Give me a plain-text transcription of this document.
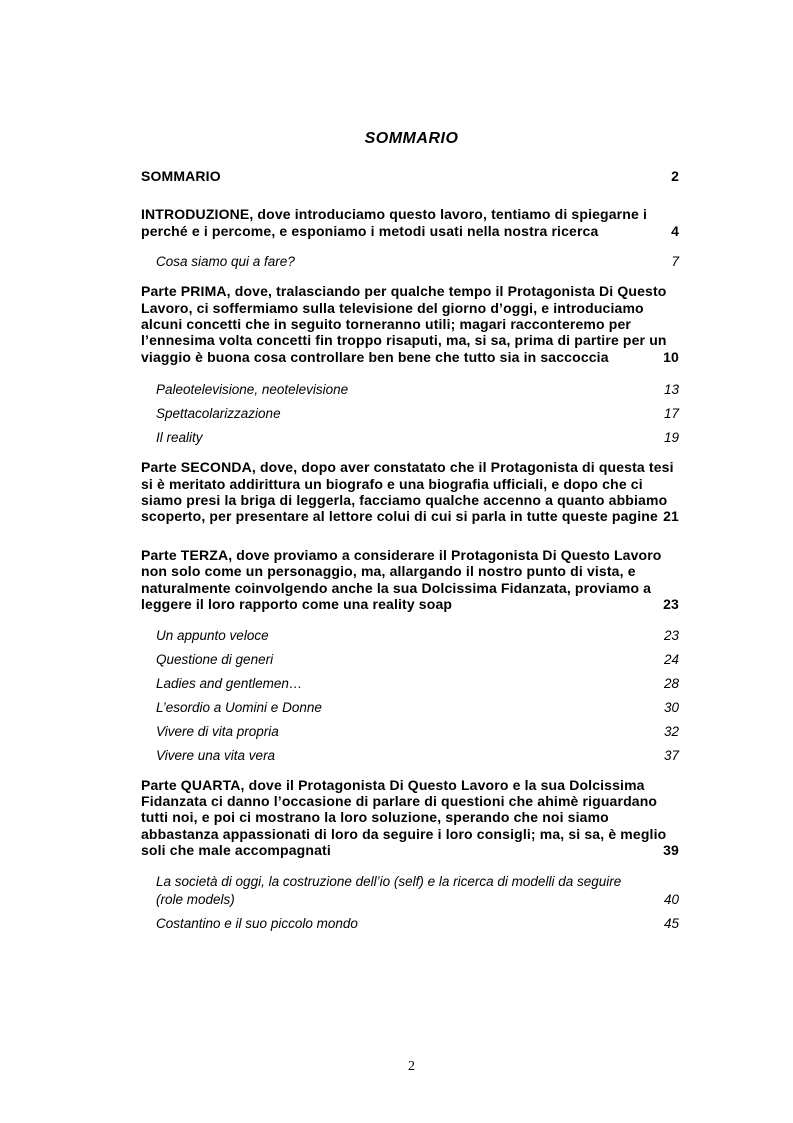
SOMMARIO
SOMMARIO	2
INTRODUZIONE, dove introduciamo questo lavoro, tentiamo di spiegarne i perché e i percome, e esponiamo i metodi usati nella nostra ricerca	4
Cosa siamo qui a fare?	7
Parte PRIMA, dove, tralasciando per qualche tempo il Protagonista Di Questo Lavoro, ci soffermiamo sulla televisione del giorno d’oggi, e introduciamo alcuni concetti che in seguito torneranno utili; magari racconteremo per l’ennesima volta concetti fin troppo risaputi, ma, si sa, prima di partire per un viaggio è buona cosa controllare ben bene che tutto sia in saccoccia	10
Paleotelevisione, neotelevisione	13
Spettacolarizzazione	17
Il reality	19
Parte SECONDA, dove, dopo aver constatato che il Protagonista di questa tesi si è meritato addirittura un biografo e una biografia ufficiali, e dopo che ci siamo presi la briga di leggerla, facciamo qualche accenno a quanto abbiamo scoperto, per presentare al lettore colui di cui si parla in tutte queste pagine 21
Parte TERZA, dove proviamo a considerare il Protagonista Di Questo Lavoro non solo come un personaggio, ma, allargando il nostro punto di vista, e naturalmente coinvolgendo anche la sua Dolcissima Fidanzata, proviamo a leggere il loro rapporto come una reality soap	23
Un appunto veloce	23
Questione di generi	24
Ladies and gentlemen…	28
L’esordio a Uomini e Donne	30
Vivere di vita propria	32
Vivere una vita vera	37
Parte QUARTA, dove il Protagonista Di Questo Lavoro e la sua Dolcissima Fidanzata ci danno l’occasione di parlare di questioni che ahimè riguardano tutti noi, e poi ci mostrano la loro soluzione, sperando che noi siamo abbastanza appassionati di loro da seguire i loro consigli; ma, si sa, è meglio soli che male accompagnati	39
La società di oggi, la costruzione dell’io (self) e la ricerca di modelli da seguire (role models)	40
Costantino e il suo piccolo mondo	45
2
